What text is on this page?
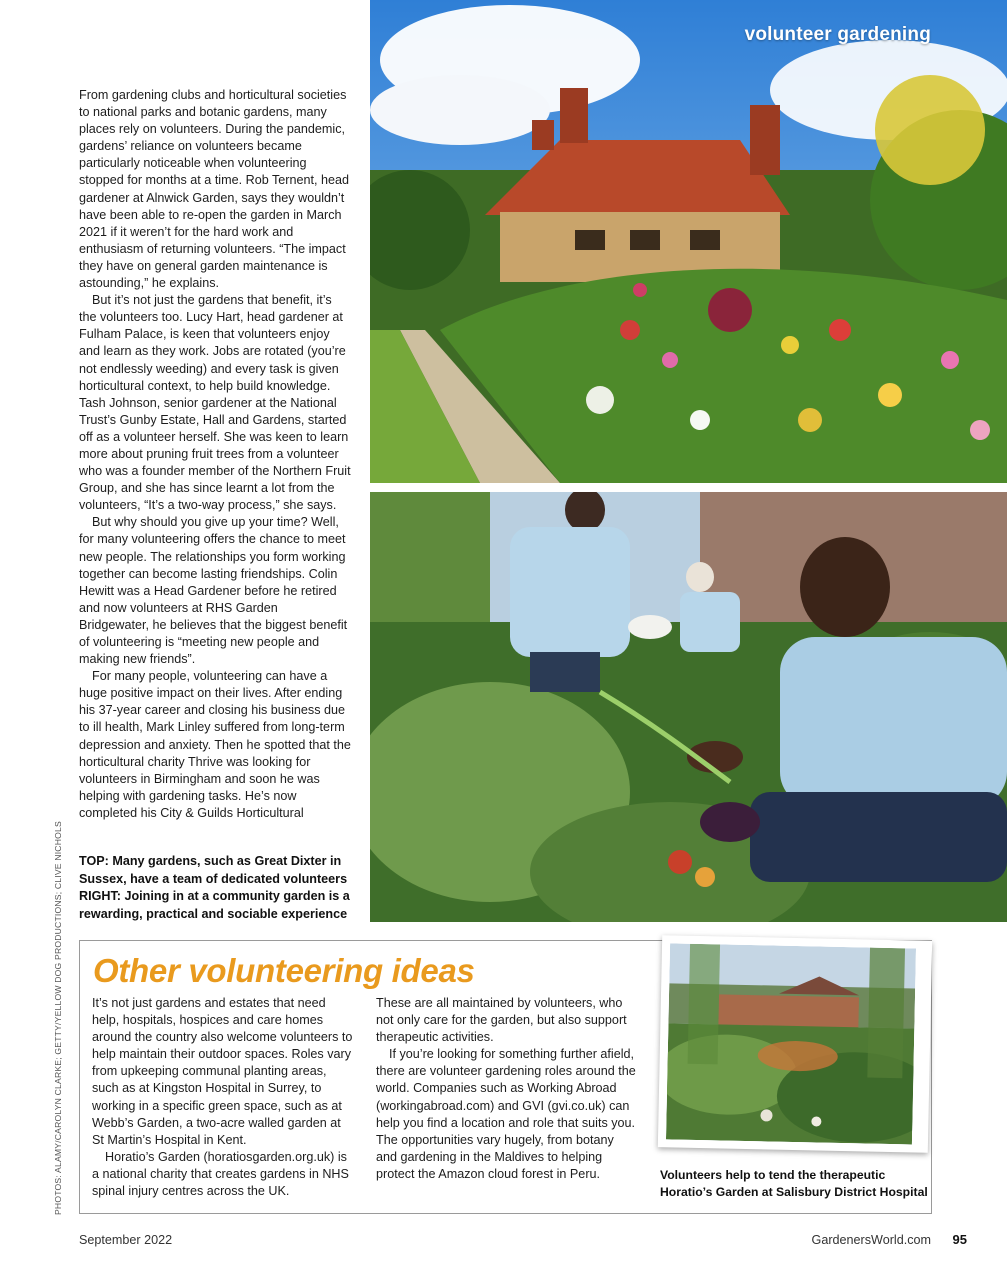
volunteer gardening

From gardening clubs and horticultural societies to national parks and botanic gardens, many places rely on volunteers. During the pandemic, gardens’ reliance on volunteers became particularly noticeable when volunteering stopped for months at a time. Rob Ternent, head gardener at Alnwick Garden, says they wouldn’t have been able to re-open the garden in March 2021 if it weren’t for the hard work and enthusiasm of returning volunteers. “The impact they have on general garden maintenance is astounding,” he explains.

But it’s not just the gardens that benefit, it’s the volunteers too. Lucy Hart, head gardener at Fulham Palace, is keen that volunteers enjoy and learn as they work. Jobs are rotated (you’re not endlessly weeding) and every task is given horticultural context, to help build knowledge. Tash Johnson, senior gardener at the National Trust’s Gunby Estate, Hall and Gardens, started off as a volunteer herself. She was keen to learn more about pruning fruit trees from a volunteer who was a founder member of the Northern Fruit Group, and she has since learnt a lot from the volunteers, “It’s a two-way process,” she says.

But why should you give up your time? Well, for many volunteering offers the chance to meet new people. The relationships you form working together can become lasting friendships. Colin Hewitt was a Head Gardener before he retired and now volunteers at RHS Garden Bridgewater, he believes that the biggest benefit of volunteering is “meeting new people and making new friends”.

For many people, volunteering can have a huge positive impact on their lives. After ending his 37-year career and closing his business due to ill health, Mark Linley suffered from long-term depression and anxiety. Then he spotted that the horticultural charity Thrive was looking for volunteers in Birmingham and soon he was helping with gardening tasks. He’s now completed his City & Guilds Horticultural

TOP: Many gardens, such as Great Dixter in Sussex, have a team of dedicated volunteers
RIGHT: Joining in at a community garden is a rewarding, practical and sociable experience
PHOTOS: ALAMY/CAROLYN CLARKE; GETTY/YELLOW DOG PRODUCTIONS; CLIVE NICHOLS Other volunteering ideas

It’s not just gardens and estates that need help, hospitals, hospices and care homes around the country also welcome volunteers to help maintain their outdoor spaces. Roles vary from upkeeping communal planting areas, such as at Kingston Hospital in Surrey, to working in a specific green space, such as at Webb’s Garden, a two-acre walled garden at St Martin’s Hospital in Kent.

Horatio’s Garden (horatiosgarden.org.uk) is a national charity that creates gardens in NHS spinal injury centres across the UK.

These are all maintained by volunteers, who not only care for the garden, but also support therapeutic activities.

If you’re looking for something further afield, there are volunteer gardening roles around the world. Companies such as Working Abroad (workingabroad.com) and GVI (gvi.co.uk) can help you find a location and role that suits you. The opportunities vary hugely, from botany and gardening in the Maldives to helping protect the Amazon cloud forest in Peru.	Volunteers help to tend the therapeutic Horatio’s Garden at Salisbury District Hospital
September 2022	GardenersWorld.com 95
